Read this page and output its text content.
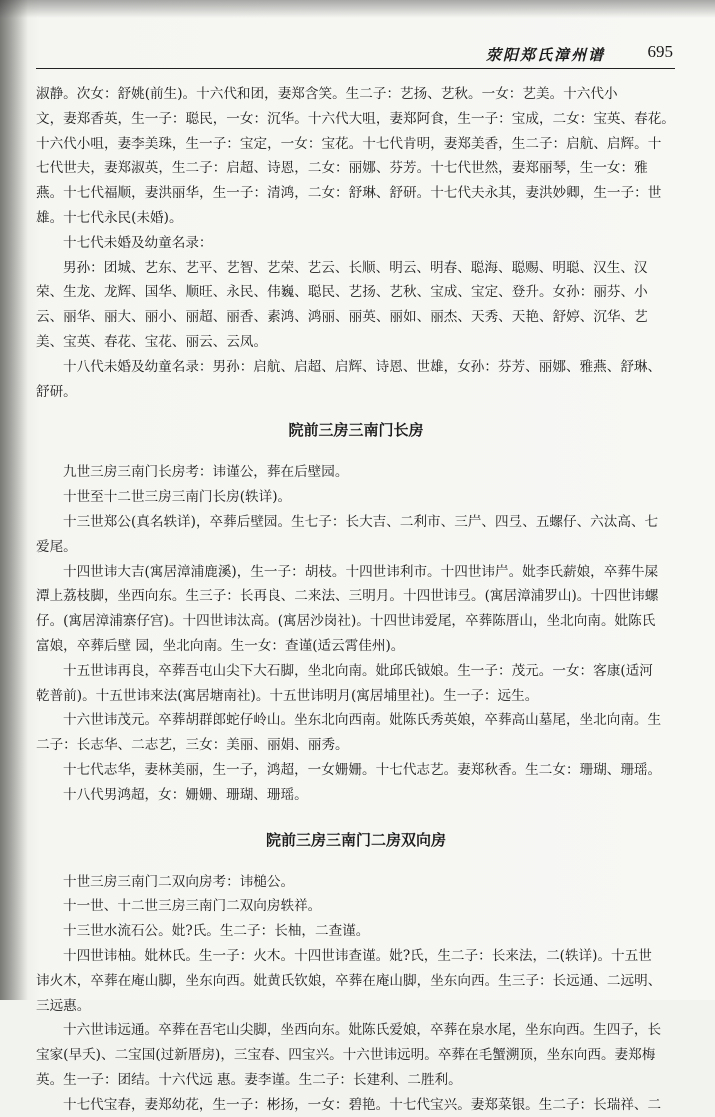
荥阳郑氏漳州谱	695
淑静。次女：舒姚(前生)。十六代和团，妻郑含笑。生二子：艺扬、艺秋。一女：艺美。十六代小
文，妻郑香英，生一子：聪民，一女：沉华。十六代大咀，妻郑阿食，生一子：宝成，二女：宝英、春花。
十六代小咀，妻李美珠，生一子：宝定，一女：宝花。十七代肯明，妻郑美香，生二子：启航、启辉。十
七代世夫，妻郑淑英，生二子：启超、诗恩，二女：丽娜、芬芳。十七代世然，妻郑丽琴，生一女：雅
燕。十七代福顺，妻洪丽华，生一子：清鸿，二女：舒琳、舒研。十七代夫永其，妻洪妙卿，生一子：世
雄。十七代永民(未婚)。
十七代未婚及幼童名录：
男孙：团城、艺东、艺平、艺智、艺荣、艺云、长顺、明云、明春、聪海、聪赐、明聪、汉生、汉
荣、生龙、龙辉、国华、顺旺、永民、伟巍、聪民、艺扬、艺秋、宝成、宝定、登升。女孙：丽芬、小
云、丽华、丽大、丽小、丽超、丽香、素鸿、鸿丽、丽英、丽如、丽杰、天秀、天艳、舒婷、沉华、艺
美、宝英、春花、宝花、丽云、云凤。
十八代未婚及幼童名录：男孙：启航、启超、启辉、诗恩、世雄，女孙：芬芳、丽娜、雅燕、舒琳、
舒研。
院前三房三南门长房
九世三房三南门长房考：讳谨公，葬在后壁园。
十世至十二世三房三南门长房(轶详)。
十三世郑公(真名轶详)，卒葬后壁园。生七子：长大吉、二利市、三屵、四弖、五螺仔、六汰高、七
爱尾。
十四世讳大吉(寓居漳浦鹿溪)，生一子：胡枝。十四世讳利市。十四世讳屵。妣李氏薪娘，卒葬牛屎
潭上荔枝脚，坐西向东。生三子：长再良、二来法、三明月。十四世讳弖。(寓居漳浦罗山)。十四世讳螺
仔。(寓居漳浦寨仔宫)。十四世讳汰高。(寓居沙岗社)。十四世讳爱尾，卒葬陈厝山，坐北向南。妣陈氏
富娘，卒葬后壁 园，坐北向南。生一女：查谨(适云霄佳州)。
十五世讳再良，卒葬吾屯山尖下大石脚，坐北向南。妣邱氏钺娘。生一子：茂元。一女：客康(适河
乾普前)。十五世讳来法(寓居塘南社)。十五世讳明月(寓居埔里社)。生一子：远生。
十六世讳茂元。卒葬胡群郎蛇仔岭山。坐东北向西南。妣陈氏秀英娘，卒葬高山墓尾，坐北向南。生
二子：长志华、二志艺，三女：美丽、丽娟、丽秀。
十七代志华，妻林美丽，生一子，鸿超，一女姗姗。十七代志艺。妻郑秋香。生二女：珊瑚、珊瑶。
十八代男鸿超，女：姗姗、珊瑚、珊瑶。
院前三房三南门二房双向房
十世三房三南门二双向房考：讳槌公。
十一世、十二世三房三南门二双向房轶祥。
十三世水流石公。妣?氏。生二子：长柚，二查谨。
十四世讳柚。妣林氏。生一子：火木。十四世讳查谨。妣?氏，生二子：长来法，二(轶详)。十五世
讳火木，卒葬在庵山脚，坐东向西。妣黄氏钦娘，卒葬在庵山脚，坐东向西。生三子：长远通、二远明、
三远惠。
十六世讳远通。卒葬在吾宅山尖脚，坐西向东。妣陈氏爱娘，卒葬在泉水尾，坐东向西。生四子，长
宝家(早夭)、二宝国(过新厝房)，三宝春、四宝兴。十六世讳远明。卒葬在毛蟹溯顶，坐东向西。妻郑梅
英。生一子：团结。十六代远 惠。妻李谨。生二子：长建利、二胜利。
十七代宝春，妻郑幼花，生一子：彬扬，一女：碧艳。十七代宝兴。妻郑菜银。生二子：长瑞祥、二
